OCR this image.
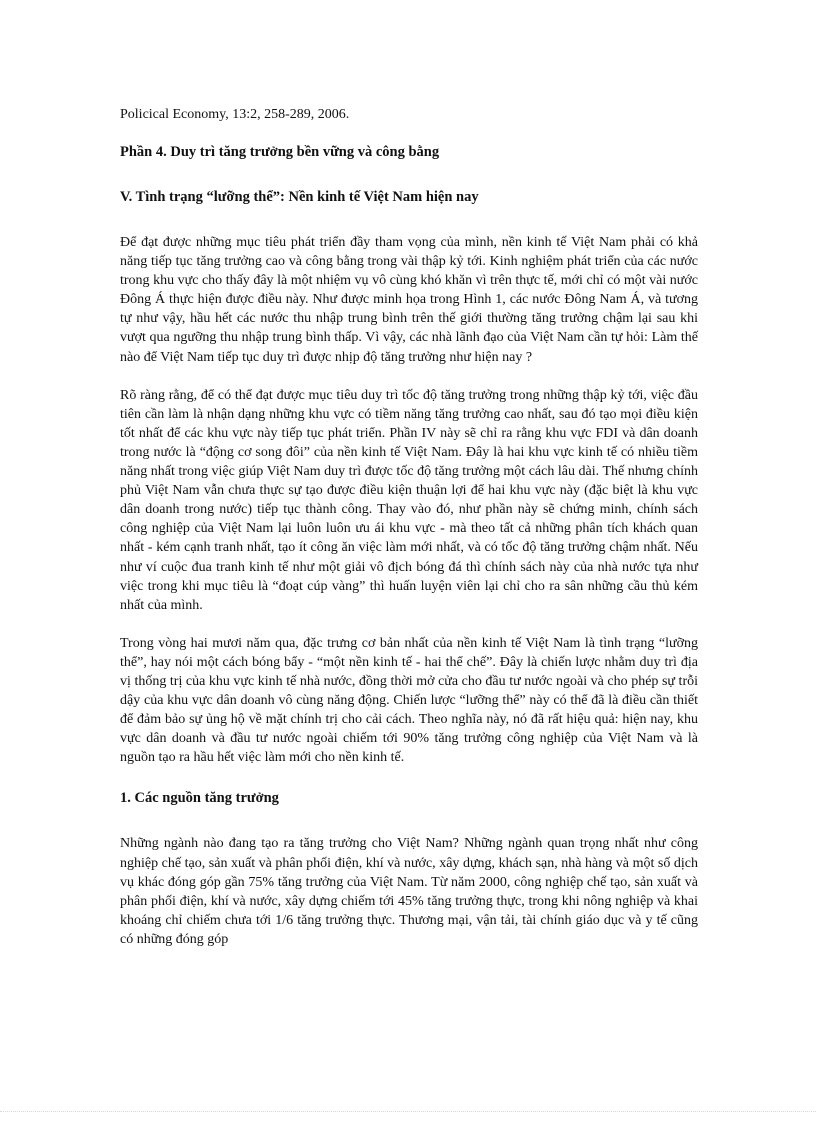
Policical Economy, 13:2, 258-289, 2006.

Phần 4. Duy trì tăng trưởng bền vững và công bằng

V. Tình trạng “lưỡng thể”: Nền kinh tế Việt Nam hiện nay

Để đạt được những mục tiêu phát triển đầy tham vọng của mình, nền kinh tế Việt Nam phải có khả năng tiếp tục tăng trưởng cao và công bằng trong vài thập kỷ tới. Kinh nghiệm phát triển của các nước trong khu vực cho thấy đây là một nhiệm vụ vô cùng khó khăn vì trên thực tế, mới chỉ có một vài nước Đông Á thực hiện được điều này. Như được minh họa trong Hình 1, các nước Đông Nam Á, và tương tự như vậy, hầu hết các nước thu nhập trung bình trên thế giới thường tăng trưởng chậm lại sau khi vượt qua ngưỡng thu nhập trung bình thấp. Vì vậy, các nhà lãnh đạo của Việt Nam cần tự hỏi: Làm thế nào để Việt Nam tiếp tục duy trì được nhịp độ tăng trưởng như hiện nay ?

Rõ ràng rằng, để có thể đạt được mục tiêu duy trì tốc độ tăng trưởng trong những thập kỷ tới, việc đầu tiên cần làm là nhận dạng những khu vực có tiềm năng tăng trưởng cao nhất, sau đó tạo mọi điều kiện tốt nhất để các khu vực này tiếp tục phát triển. Phần IV này sẽ chỉ ra rằng khu vực FDI và dân doanh trong nước là “động cơ song đôi” của nền kinh tế Việt Nam. Đây là hai khu vực kinh tế có nhiều tiềm năng nhất trong việc giúp Việt Nam duy trì được tốc độ tăng trưởng một cách lâu dài. Thế nhưng chính phủ Việt Nam vẫn chưa thực sự tạo được điều kiện thuận lợi để hai khu vực này (đặc biệt là khu vực dân doanh trong nước) tiếp tục thành công. Thay vào đó, như phần này sẽ chứng minh, chính sách công nghiệp của Việt Nam lại luôn luôn ưu ái khu vực - mà theo tất cả những phân tích khách quan nhất - kém cạnh tranh nhất, tạo ít công ăn việc làm mới nhất, và có tốc độ tăng trưởng chậm nhất. Nếu như ví cuộc đua tranh kinh tế như một giải vô địch bóng đá thì chính sách này của nhà nước tựa như việc trong khi mục tiêu là “đoạt cúp vàng” thì huấn luyện viên lại chỉ cho ra sân những cầu thủ kém nhất của mình.

Trong vòng hai mươi năm qua, đặc trưng cơ bản nhất của nền kinh tế Việt Nam là tình trạng “lưỡng thể”, hay nói một cách bóng bẩy - “một nền kinh tế - hai thể chế”. Đây là chiến lược nhằm duy trì địa vị thống trị của khu vực kinh tế nhà nước, đồng thời mở cửa cho đầu tư nước ngoài và cho phép sự trỗi dậy của khu vực dân doanh vô cùng năng động. Chiến lược “lưỡng thể” này có thể đã là điều cần thiết để đảm bảo sự ủng hộ về mặt chính trị cho cải cách. Theo nghĩa này, nó đã rất hiệu quả: hiện nay, khu vực dân doanh và đầu tư nước ngoài chiếm tới 90% tăng trưởng công nghiệp của Việt Nam và là nguồn tạo ra hầu hết việc làm mới cho nền kinh tế.

1. Các nguồn tăng trưởng

Những ngành nào đang tạo ra tăng trưởng cho Việt Nam? Những ngành quan trọng nhất như công nghiệp chế tạo, sản xuất và phân phối điện, khí và nước, xây dựng, khách sạn, nhà hàng và một số dịch vụ khác đóng góp gần 75% tăng trưởng của Việt Nam. Từ năm 2000, công nghiệp chế tạo, sản xuất và phân phối điện, khí và nước, xây dựng chiếm tới 45% tăng trưởng thực, trong khi nông nghiệp và khai khoáng chỉ chiếm chưa tới 1/6 tăng trưởng thực. Thương mại, vận tải, tài chính giáo dục và y tế cũng có những đóng góp
